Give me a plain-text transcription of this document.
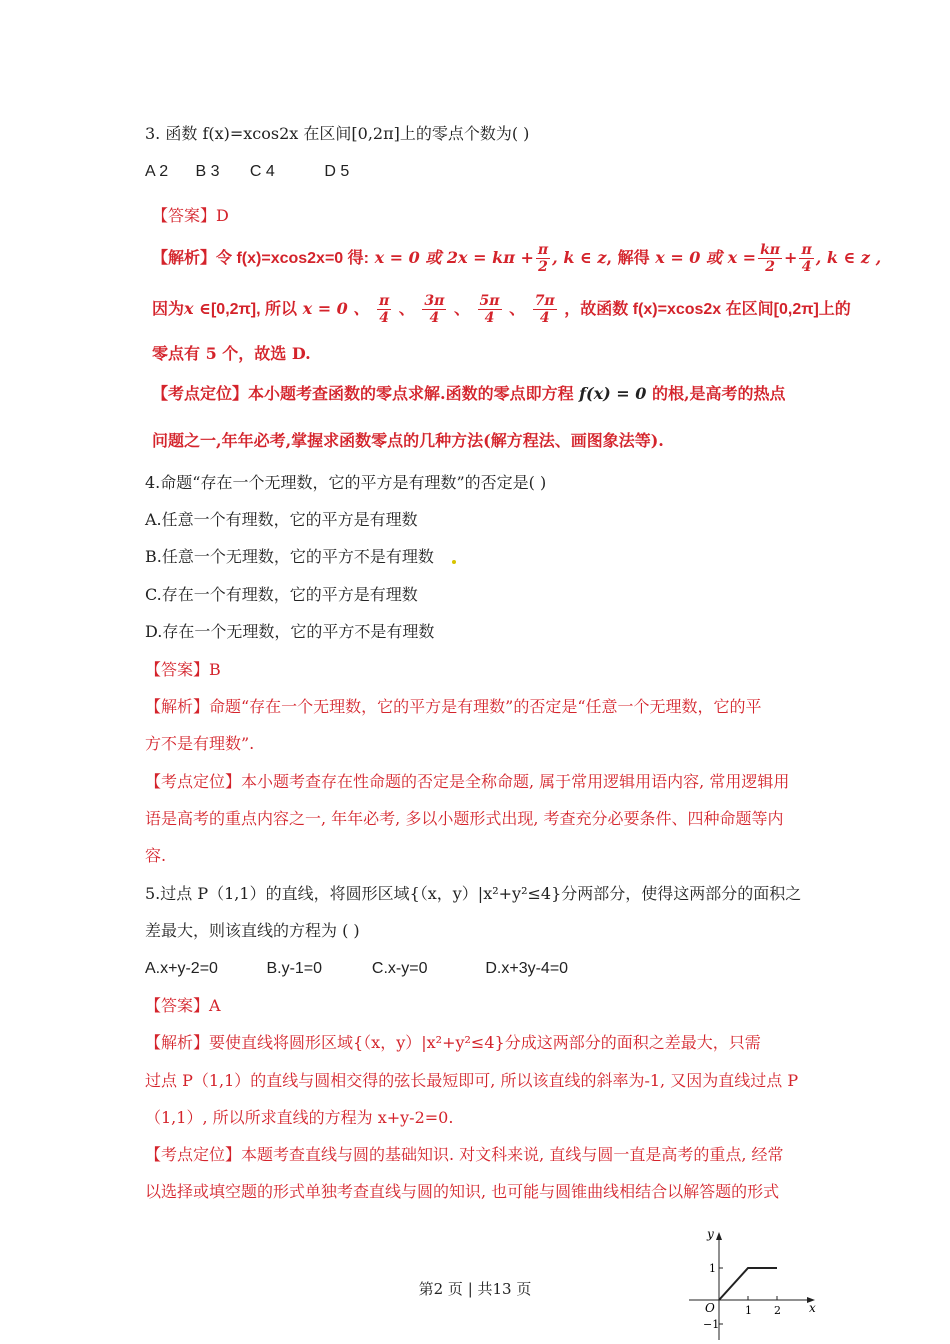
3. 函数 f(x)=xcos2x 在区间[0,2π]上的零点个数为( )
A 2 B 3 C 4	D 5
【答案】D
【解析】令 f(x)=xcos2x=0 得: x = 0 或 $2x = k\pi + \frac{\pi}{2}$ , k ∈ z, 解得 x = 0 或 $x = \frac{k\pi}{2} + \frac{\pi}{4}$ , k ∈ z ,
因为x ∈[0,2π], 所以 x = 0 、 $\frac{\pi}{4}$ 、 $\frac{3\pi}{4}$ 、 $\frac{5\pi}{4}$ 、 $\frac{7\pi}{4}$ ，故函数 f(x)=xcos2x 在区间[0,2π]上的
零点有 5 个，故选 D.
【考点定位】本小题考查函数的零点求解.函数的零点即方程 f(x) = 0 的根,是高考的热点
问题之一,年年必考,掌握求函数零点的几种方法(解方程法、画图象法等).
4.命题“存在一个无理数，它的平方是有理数”的否定是( )
A.任意一个有理数，它的平方是有理数
B.任意一个无理数，它的平方不是有理数
C.存在一个有理数，它的平方是有理数
D.存在一个无理数，它的平方不是有理数
【答案】B
【解析】命题“存在一个无理数，它的平方是有理数”的否定是“任意一个无理数，它的平
方不是有理数”.
【考点定位】本小题考查存在性命题的否定是全称命题, 属于常用逻辑用语内容, 常用逻辑用
语是高考的重点内容之一, 年年必考, 多以小题形式出现, 考查充分必要条件、四种命题等内
容.
5.过点 P（1,1）的直线，将圆形区域{（x，y）|x²+y²≤4}分两部分，使得这两部分的面积之
差最大，则该直线的方程为 ( )
A.x+y-2=0	B.y-1=0	C.x-y=0	D.x+3y-4=0
【答案】A
【解析】要使直线将圆形区域{（x，y）|x²+y²≤4}分成这两部分的面积之差最大，只需
过点 P（1,1）的直线与圆相交得的弦长最短即可, 所以该直线的斜率为-1, 又因为直线过点 P
（1,1）, 所以所求直线的方程为 x+y-2=0.
【考点定位】本题考查直线与圆的基础知识. 对文科来说, 直线与圆一直是高考的重点, 经常
以选择或填空题的形式单独考查直线与圆的知识, 也可能与圆锥曲线相结合以解答题的形式
y
x
O
1
−1
1 2
第2 页 | 共13 页
